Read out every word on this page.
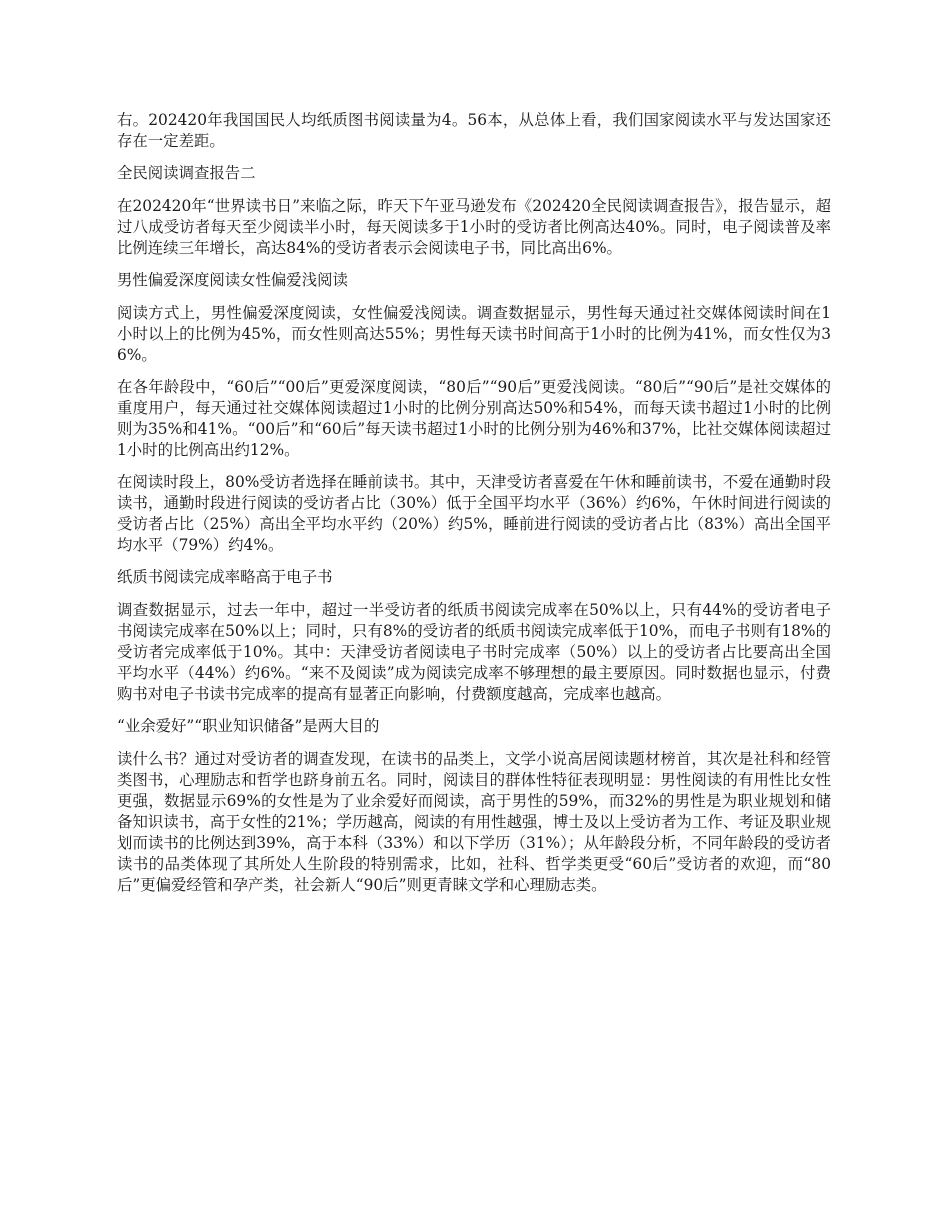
右。202420年我国国民人均纸质图书阅读量为4。56本，从总体上看，我们国家阅读水平与发达国家还存在一定差距。

全民阅读调查报告二

在202420年“世界读书日”来临之际，昨天下午亚马逊发布《202420全民阅读调查报告》，报告显示，超过八成受访者每天至少阅读半小时，每天阅读多于1小时的受访者比例高达40%。同时，电子阅读普及率比例连续三年增长，高达84%的受访者表示会阅读电子书，同比高出6%。

男性偏爱深度阅读女性偏爱浅阅读

阅读方式上，男性偏爱深度阅读，女性偏爱浅阅读。调查数据显示，男性每天通过社交媒体阅读时间在1小时以上的比例为45%，而女性则高达55%；男性每天读书时间高于1小时的比例为41%，而女性仅为36%。

在各年龄段中，“60后”“00后”更爱深度阅读，“80后”“90后”更爱浅阅读。“80后”“90后”是社交媒体的重度用户，每天通过社交媒体阅读超过1小时的比例分别高达50%和54%，而每天读书超过1小时的比例则为35%和41%。“00后”和“60后”每天读书超过1小时的比例分别为46%和37%，比社交媒体阅读超过1小时的比例高出约12%。

在阅读时段上，80%受访者选择在睡前读书。其中，天津受访者喜爱在午休和睡前读书，不爱在通勤时段读书，通勤时段进行阅读的受访者占比（30%）低于全国平均水平（36%）约6%，午休时间进行阅读的受访者占比（25%）高出全平均水平约（20%）约5%，睡前进行阅读的受访者占比（83%）高出全国平均水平（79%）约4%。

纸质书阅读完成率略高于电子书

调查数据显示，过去一年中，超过一半受访者的纸质书阅读完成率在50%以上，只有44%的受访者电子书阅读完成率在50%以上；同时，只有8%的受访者的纸质书阅读完成率低于10%，而电子书则有18%的受访者完成率低于10%。其中：天津受访者阅读电子书时完成率（50%）以上的受访者占比要高出全国平均水平（44%）约6%。“来不及阅读”成为阅读完成率不够理想的最主要原因。同时数据也显示，付费购书对电子书读书完成率的提高有显著正向影响，付费额度越高，完成率也越高。

“业余爱好”“职业知识储备”是两大目的

读什么书？通过对受访者的调查发现，在读书的品类上，文学小说高居阅读题材榜首，其次是社科和经管类图书，心理励志和哲学也跻身前五名。同时，阅读目的群体性特征表现明显：男性阅读的有用性比女性更强，数据显示69%的女性是为了业余爱好而阅读，高于男性的59%，而32%的男性是为职业规划和储备知识读书，高于女性的21%；学历越高，阅读的有用性越强，博士及以上受访者为工作、考证及职业规划而读书的比例达到39%，高于本科（33%）和以下学历（31%）；从年龄段分析，不同年龄段的受访者读书的品类体现了其所处人生阶段的特别需求，比如，社科、哲学类更受“60后”受访者的欢迎，而“80后”更偏爱经管和孕产类，社会新人“90后”则更青睐文学和心理励志类。
